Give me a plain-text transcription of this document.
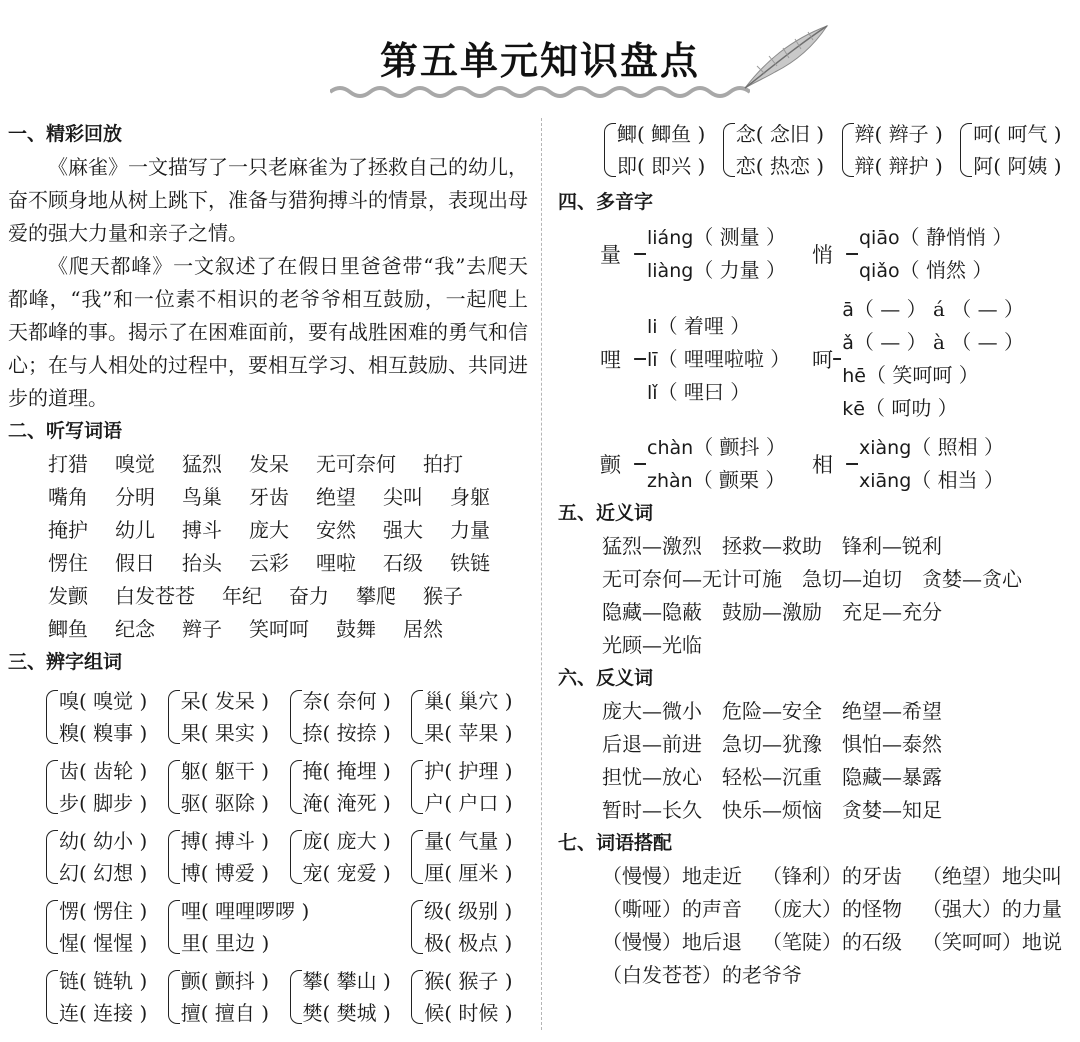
第五单元知识盘点
一、精彩回放

《麻雀》一文描写了一只老麻雀为了拯救自己的幼儿，奋不顾身地从树上跳下，准备与猎狗搏斗的情景，表现出母爱的强大力量和亲子之情。

《爬天都峰》一文叙述了在假日里爸爸带“我”去爬天都峰，“我”和一位素不相识的老爷爷相互鼓励，一起爬上天都峰的事。揭示了在困难面前，要有战胜困难的勇气和信心；在与人相处的过程中，要相互学习、相互鼓励、共同进步的道理。

二、听写词语
打猎 嗅觉 猛烈 发呆 无可奈何 拍打
嘴角 分明 鸟巢 牙齿 绝望 尖叫 身躯
掩护 幼儿 搏斗 庞大 安然 强大 力量
愣住 假日 抬头 云彩 哩啦 石级 铁链
发颤 白发苍苍 年纪 奋力 攀爬 猴子
鲫鱼 纪念 辫子 笑呵呵 鼓舞 居然
三、辨字组词
嗅( 嗅觉 )
糗( 糗事 )
呆( 发呆 )
果( 果实 )
奈( 奈何 )
捺( 按捺 )
巢( 巢穴 )
果( 苹果 )
齿( 齿轮 )
步( 脚步 )
躯( 躯干 )
驱( 驱除 )
掩( 掩埋 )
淹( 淹死 )
护( 护理 )
户( 户口 )
幼( 幼小 )
幻( 幻想 )
搏( 搏斗 )
博( 博爱 )
庞( 庞大 )
宠( 宠爱 )
量( 气量 )
厘( 厘米 )
愣( 愣住 )
惺( 惺惺 )
哩( 哩哩啰啰 )
里( 里边 )
级( 级别 )
极( 极点 )
链( 链轨 )
连( 连接 )
颤( 颤抖 )
擅( 擅自 )
攀( 攀山 )
樊( 樊城 )
猴( 猴子 )
候( 时候 )
鲫( 鲫鱼 )
即( 即兴 )
念( 念旧 )
恋( 热恋 )
辫( 辫子 )
辩( 辩护 )
呵( 呵气 )
阿( 阿姨 )
四、多音字
量
liáng（ 测量 ）
liàng（ 力量 ）
悄
qiāo（ 静悄悄 ）
qiǎo（ 悄然 ）
哩
li（ 着哩 ）
lī（ 哩哩啦啦 ）
lǐ（ 哩曰 ）
呵
ā（ — ） á （ — ）
ǎ（ — ） à （ — ）
hē（ 笑呵呵 ）
kē（ 呵叻 ）
颤
chàn（ 颤抖 ）
zhàn（ 颤栗 ）
相
xiàng（ 照相 ）
xiāng（ 相当 ）
五、近义词
猛烈—激烈 拯救—救助 锋利—锐利
无可奈何—无计可施 急切—迫切 贪婪—贪心
隐藏—隐蔽 鼓励—激励 充足—充分
光顾—光临
六、反义词
庞大—微小 危险—安全 绝望—希望
后退—前进 急切—犹豫 惧怕—泰然
担忧—放心 轻松—沉重 隐藏—暴露
暂时—长久 快乐—烦恼 贪婪—知足
七、词语搭配
（慢慢）地走近 （锋利）的牙齿 （绝望）地尖叫
（嘶哑）的声音 （庞大）的怪物 （强大）的力量
（慢慢）地后退 （笔陡）的石级 （笑呵呵）地说
（白发苍苍）的老爷爷
